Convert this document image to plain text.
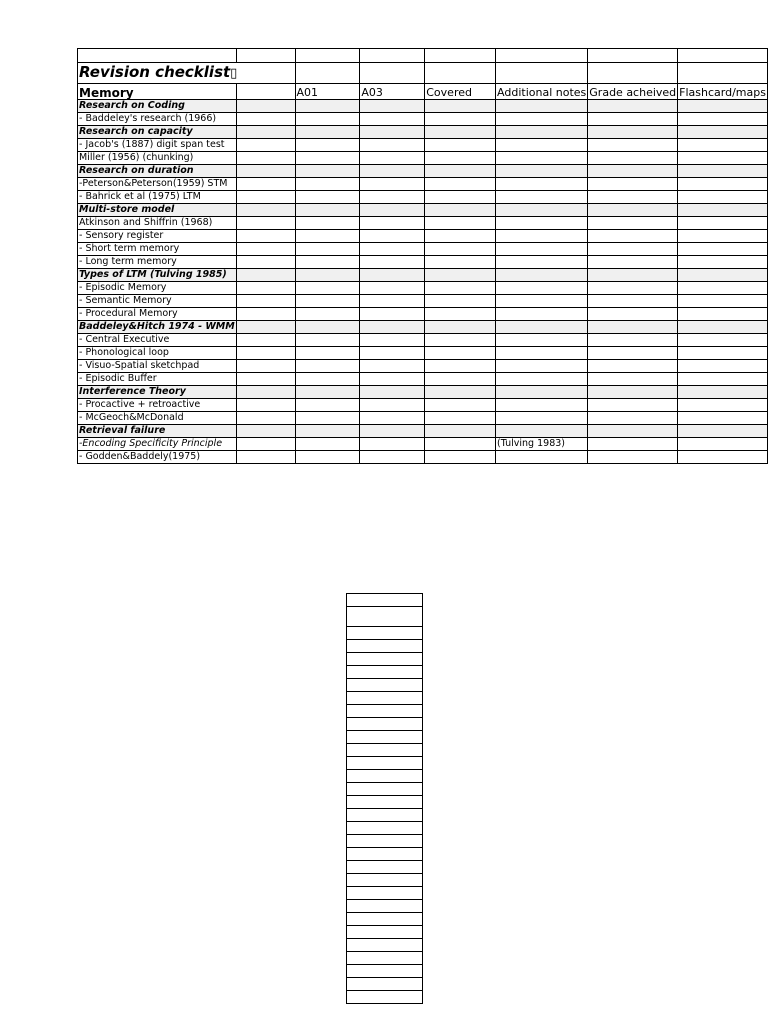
Revision checklist▯							
Memory		A01	A03	Covered	Additional notes	Grade acheived	Flashcard/maps
Research on Coding							
- Baddeley's research (1966)							
Research on capacity							
- Jacob's (1887) digit span test							
Miller (1956) (chunking)							
Research on duration							
-Peterson&Peterson(1959) STM							
- Bahrick et al (1975) LTM							
Multi-store model							
Atkinson and Shiffrin (1968)							
- Sensory register							
- Short term memory							
- Long term memory							
Types of LTM (Tulving 1985)							
- Episodic Memory							
- Semantic Memory							
- Procedural Memory							
Baddeley&Hitch 1974 - WMM							
- Central Executive							
- Phonological loop							
- Visuo-Spatial sketchpad							
- Episodic Buffer							
Interference Theory							
- Procactive + retroactive							
- McGeoch&McDonald							
Retrieval failure							
-Encoding Specificity Principle					(Tulving 1983)		
- Godden&Baddely(1975)							
